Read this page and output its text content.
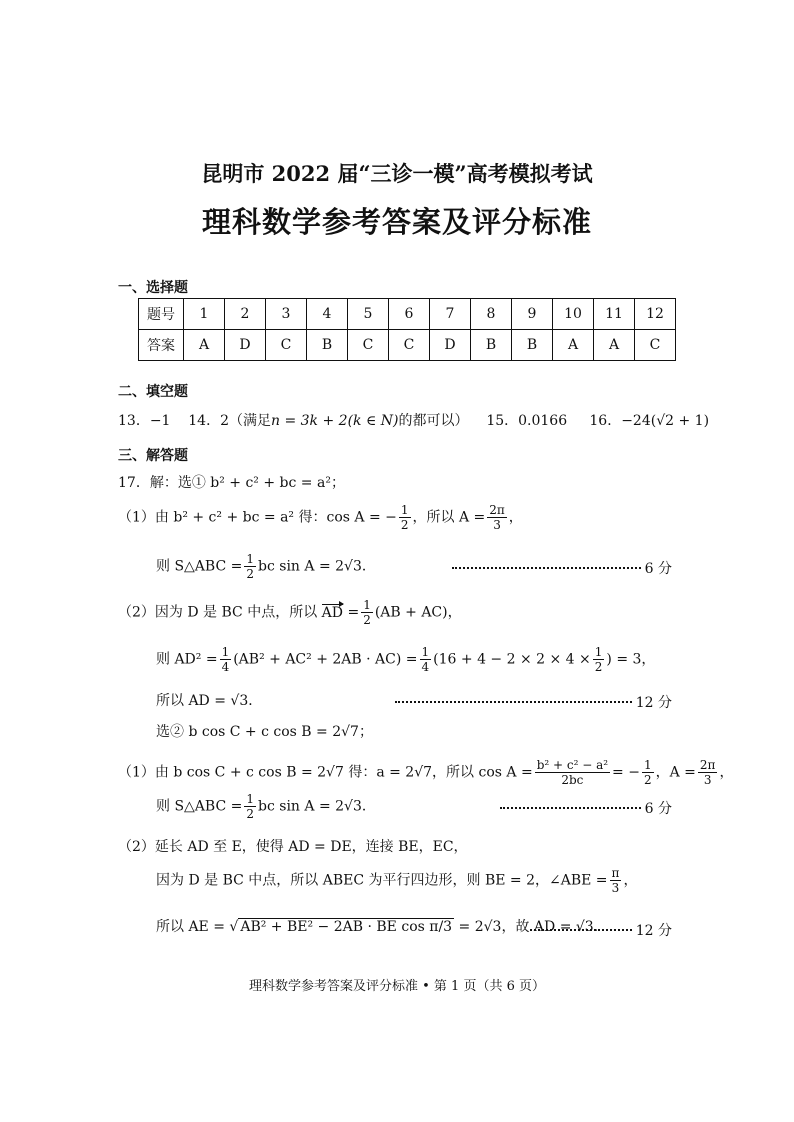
昆明市 2022 届“三诊一模”高考模拟考试
理科数学参考答案及评分标准
一、选择题
题号	1	2	3	4	5	6	7	8	9	10	11	12
答案	A	D	C	B	C	C	D	B	B	A	A	C
二、填空题
13．−1 14．2（满足n = 3k + 2(k ∈ N)的都可以） 15．0.0166 16．−24(√2 + 1)
三、解答题
17．解：选① b² + c² + bc = a²；
（1）由 b² + c² + bc = a² 得：cos A = − $\frac{1}{2}$ ，所以 $A = \frac{2\pi}{3}$ ，
则 S△ABC = $\frac{1}{2}$ bc sin A = 2√3．	6 分
（2）因为 D 是 BC 中点，所以 AD = $\frac{1}{2} (AB + AC)$，
则 $AD^2 = \frac{1}{4} (AB^2 + AC^2 + 2AB \cdot AC) = \frac{1}{4} (16 + 4 - 2 \times 2 \times 4 \times \frac{1}{2}$ ) = 3，
所以 AD = √3．	12 分
选② b cos C + c cos B = 2√7；
（1）由 b cos C + c cos B = 2√7 得：a = 2√7，所以 $\cos A = \frac{\text{b² + c² − a²}}{2bc}$ = − $\frac{1}{2}$ ，$A = \frac{2\pi}{3}$ ，
则 S△ABC = $\frac{1}{2}$ bc sin A = 2√3．	6 分
（2）延长 AD 至 E，使得 AD = DE，连接 BE，EC，
因为 D 是 BC 中点，所以 ABEC 为平行四边形，则 BE = 2，∠ABE = $\frac{\pi}{3}$ ，
所以 AE = √ AB² + BE² − 2AB · BE cos π/3 = 2√3，故 AD = √3． 12 分
理科数学参考答案及评分标准 • 第 1 页（共 6 页）
